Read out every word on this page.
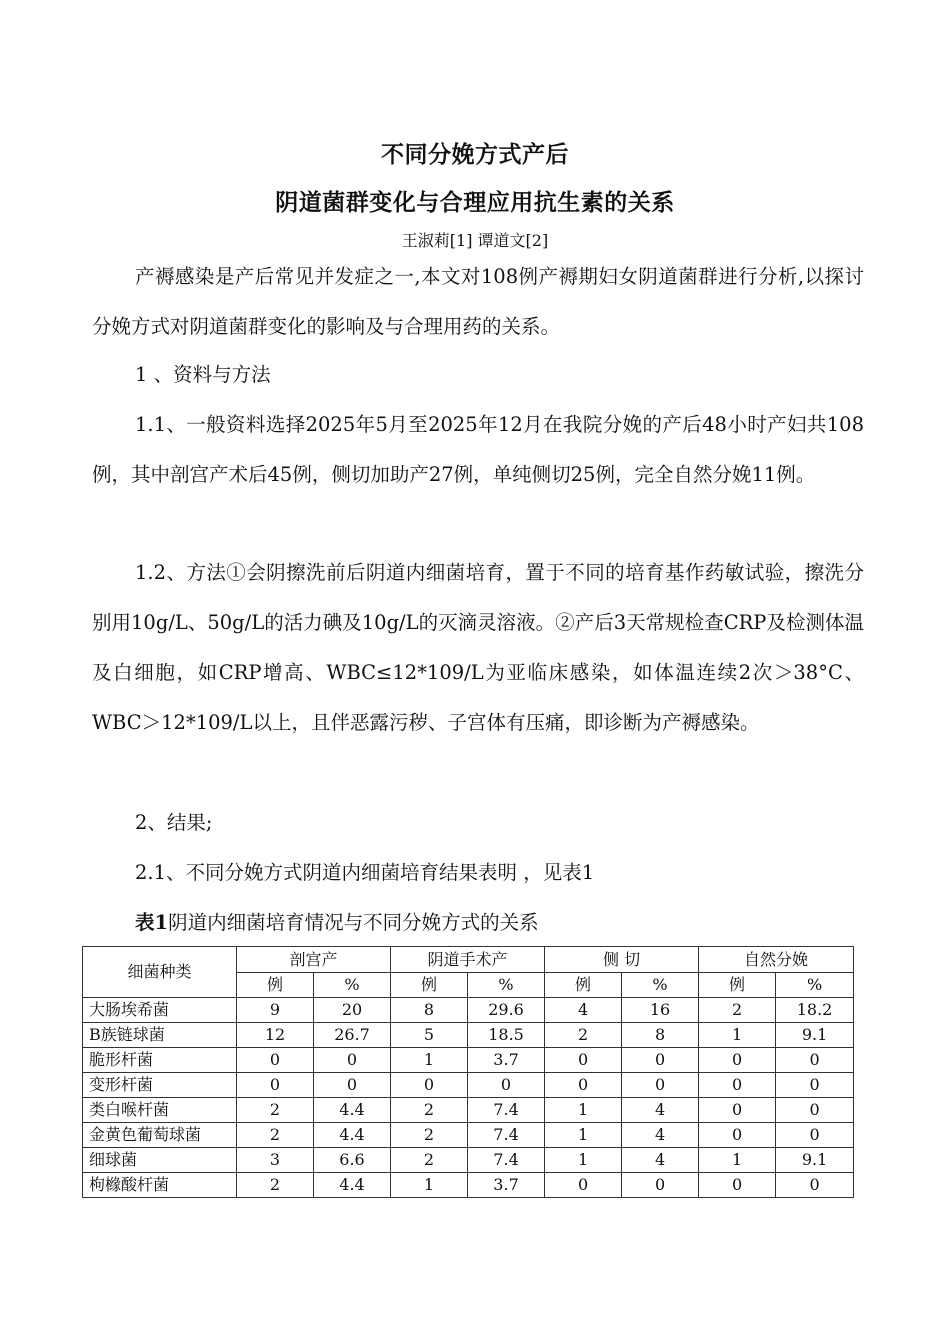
不同分娩方式产后
阴道菌群变化与合理应用抗生素的关系
王淑莉[1] 谭道文[2]

产褥感染是产后常见并发症之一,本文对108例产褥期妇女阴道菌群进行分析,以探讨分娩方式对阴道菌群变化的影响及与合理用药的关系。

1 、资料与方法

1.1、一般资料选择2025年5月至2025年12月在我院分娩的产后48小时产妇共108例，其中剖宫产术后45例，侧切加助产27例，单纯侧切25例，完全自然分娩11例。

1.2、方法①会阴擦洗前后阴道内细菌培育，置于不同的培育基作药敏试验，擦洗分别用10g/L、50g/L的活力碘及10g/L的灭滴灵溶液。②产后3天常规检查CRP及检测体温及白细胞，如CRP增高、WBC≤12*109/L为亚临床感染，如体温连续2次＞38°C、WBC＞12*109/L以上，且伴恶露污秽、子宫体有压痛，即诊断为产褥感染。

2、结果;

2.1、不同分娩方式阴道内细菌培育结果表明 ，见表1

表1阴道内细菌培育情况与不同分娩方式的关系
细菌种类	剖宫产		阴道手术产		侧 切		自然分娩	
	例	%	例	%	例	%	例	%
大肠埃希菌	9	20	8	29.6	4	16	2	18.2
B族链球菌	12	26.7	5	18.5	2	8	1	9.1
脆形杆菌	0	0	1	3.7	0	0	0	0
变形杆菌	0	0	0	0	0	0	0	0
类白喉杆菌	2	4.4	2	7.4	1	4	0	0
金黄色葡萄球菌	2	4.4	2	7.4	1	4	0	0
细球菌	3	6.6	2	7.4	1	4	1	9.1
枸橼酸杆菌	2	4.4	1	3.7	0	0	0	0
